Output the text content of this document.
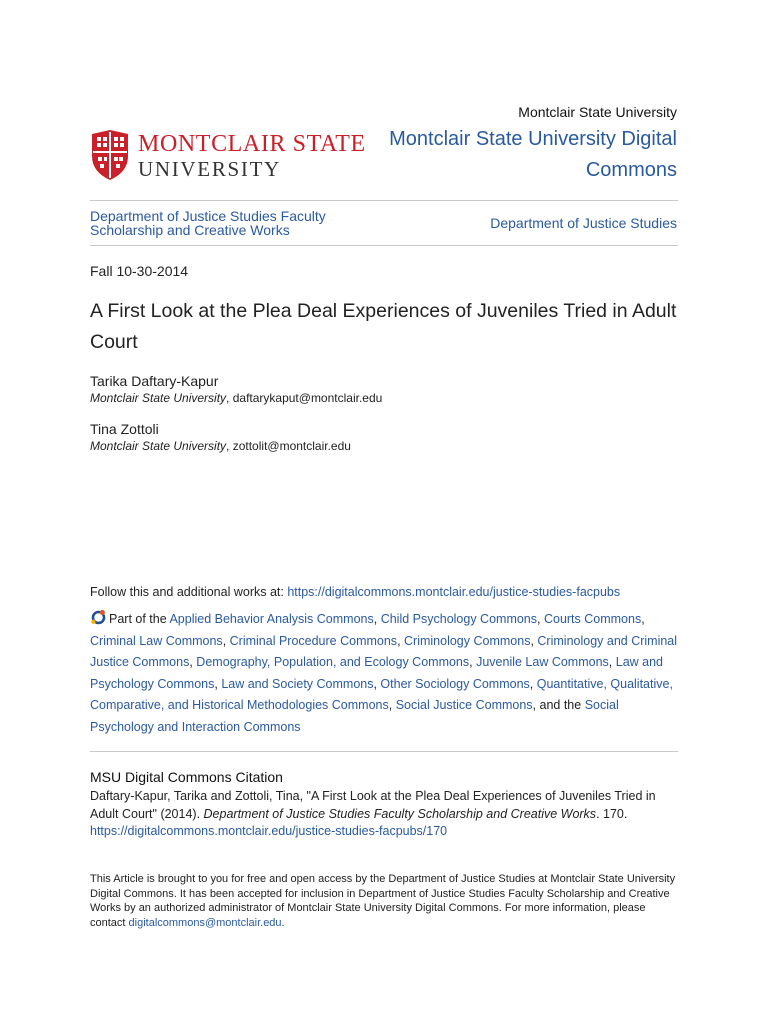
Montclair State University
Montclair State University Digital Commons
MONTCLAIR STATE
UNIVERSITY
Department of Justice Studies Faculty Scholarship and Creative Works	Department of Justice Studies
Fall 10-30-2014
A First Look at the Plea Deal Experiences of Juveniles Tried in Adult Court
Tarika Daftary-Kapur
Montclair State University, daftarykaput@montclair.edu
Tina Zottoli
Montclair State University, zottolit@montclair.edu
Follow this and additional works at: https://digitalcommons.montclair.edu/justice-studies-facpubs
Part of the Applied Behavior Analysis Commons, Child Psychology Commons, Courts Commons, Criminal Law Commons, Criminal Procedure Commons, Criminology Commons, Criminology and Criminal Justice Commons, Demography, Population, and Ecology Commons, Juvenile Law Commons, Law and Psychology Commons, Law and Society Commons, Other Sociology Commons, Quantitative, Qualitative, Comparative, and Historical Methodologies Commons, Social Justice Commons, and the Social Psychology and Interaction Commons
MSU Digital Commons Citation
Daftary-Kapur, Tarika and Zottoli, Tina, "A First Look at the Plea Deal Experiences of Juveniles Tried in Adult Court" (2014). Department of Justice Studies Faculty Scholarship and Creative Works. 170.
https://digitalcommons.montclair.edu/justice-studies-facpubs/170
This Article is brought to you for free and open access by the Department of Justice Studies at Montclair State University Digital Commons. It has been accepted for inclusion in Department of Justice Studies Faculty Scholarship and Creative Works by an authorized administrator of Montclair State University Digital Commons. For more information, please contact digitalcommons@montclair.edu.
